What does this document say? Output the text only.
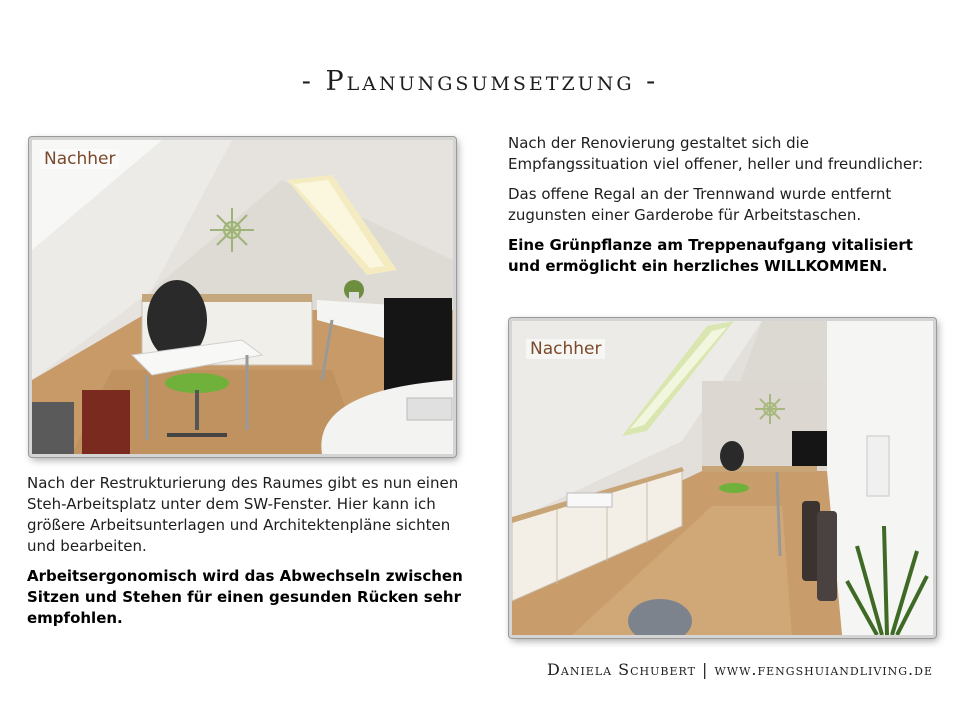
- Planungsumsetzung -
Nachher

Nach der Renovierung gestaltet sich die Empfangssituation viel offener, heller und freundlicher:

Das offene Regal an der Trennwand wurde entfernt zugunsten einer Garderobe für Arbeitstaschen.

Eine Grünpflanze am Treppenaufgang vitalisiert und ermöglicht ein herzliches WILLKOMMEN.

Nachher

Nach der Restrukturierung des Raumes gibt es nun einen Steh-Arbeitsplatz unter dem SW-Fenster. Hier kann ich größere Arbeitsunterlagen und Architektenpläne sichten und bearbeiten.

Arbeitsergonomisch wird das Abwechseln zwischen Sitzen und Stehen für einen gesunden Rücken sehr empfohlen.

Daniela Schubert | www.fengshuiandliving.de
